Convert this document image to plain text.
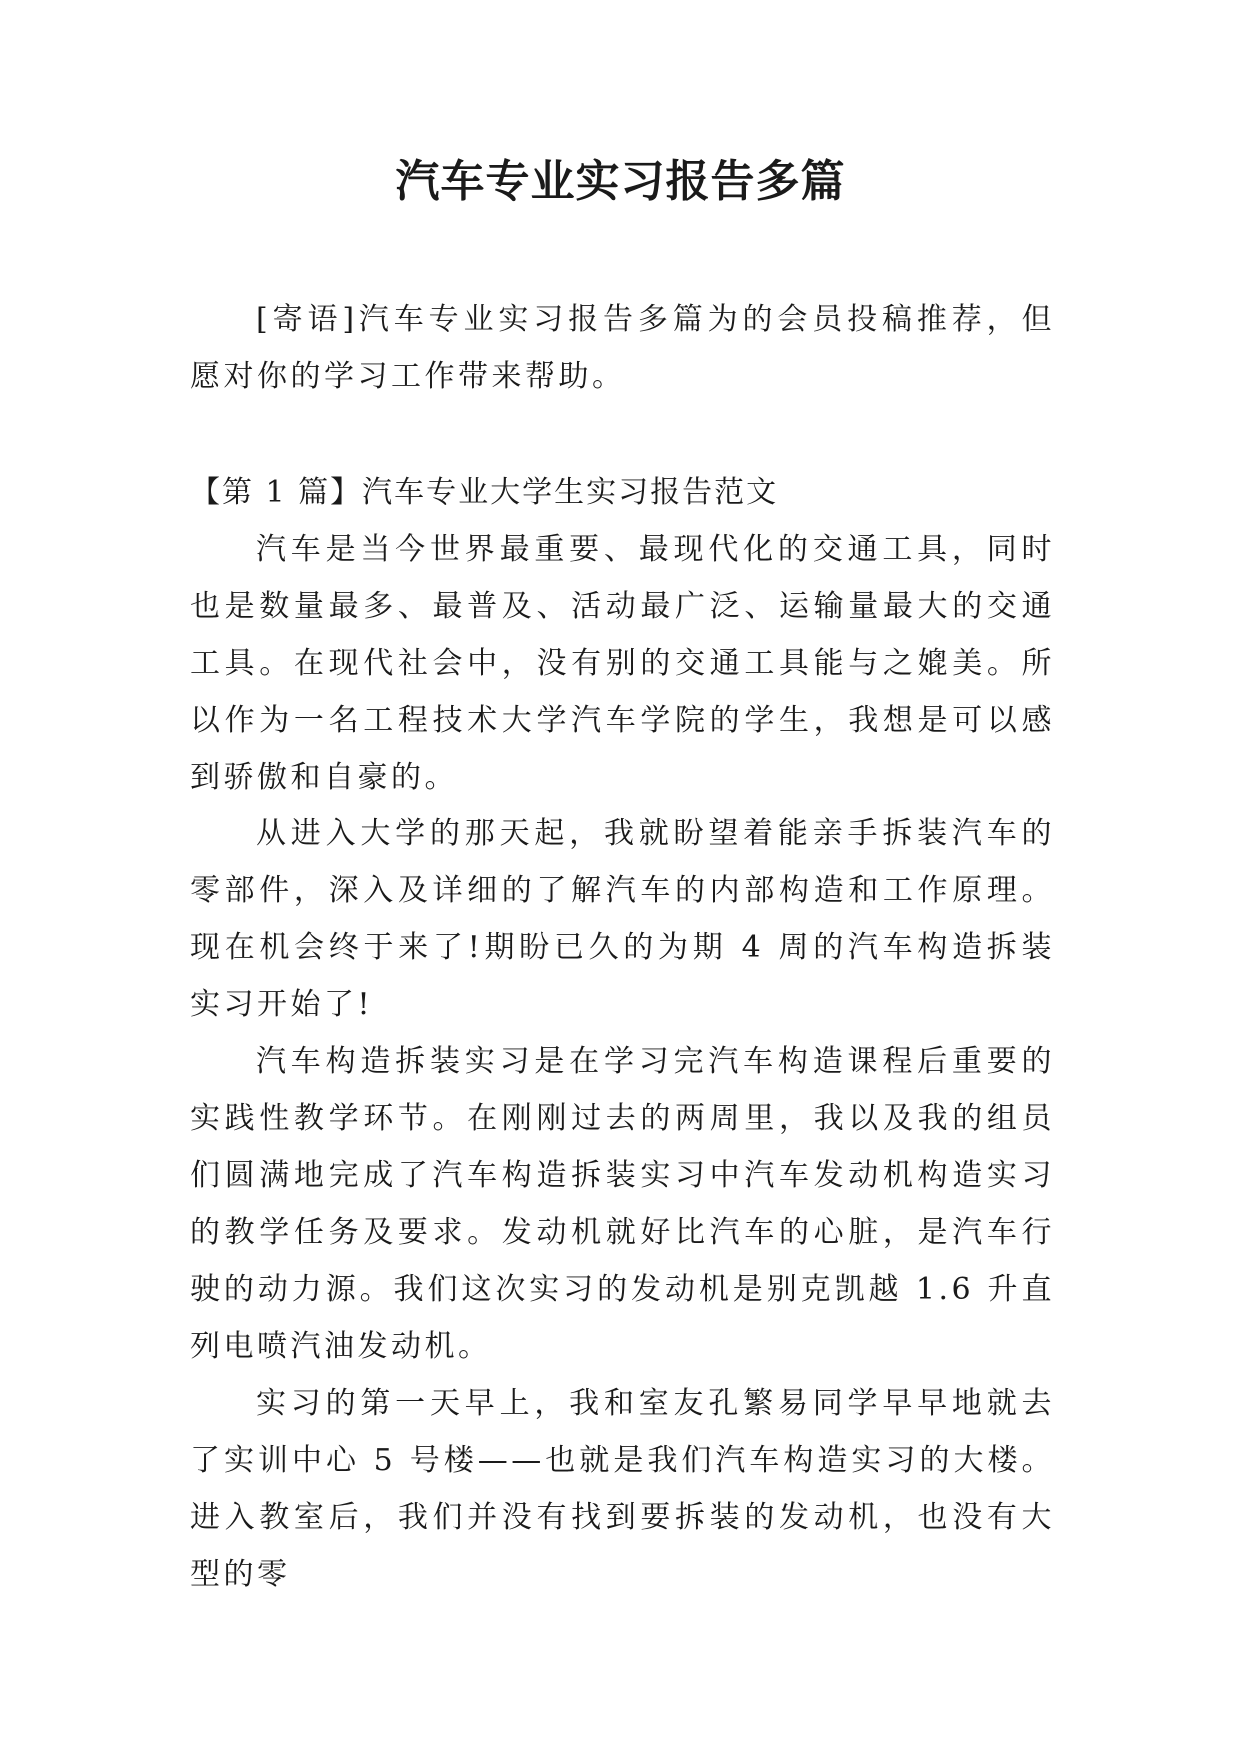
汽车专业实习报告多篇

[寄语]汽车专业实习报告多篇为的会员投稿推荐，但愿对你的学习工作带来帮助。

【第 1 篇】汽车专业大学生实习报告范文

汽车是当今世界最重要、最现代化的交通工具，同时也是数量最多、最普及、活动最广泛、运输量最大的交通工具。在现代社会中，没有别的交通工具能与之媲美。所以作为一名工程技术大学汽车学院的学生，我想是可以感到骄傲和自豪的。

从进入大学的那天起，我就盼望着能亲手拆装汽车的零部件，深入及详细的了解汽车的内部构造和工作原理。现在机会终于来了!期盼已久的为期 4 周的汽车构造拆装实习开始了!

汽车构造拆装实习是在学习完汽车构造课程后重要的实践性教学环节。在刚刚过去的两周里，我以及我的组员们圆满地完成了汽车构造拆装实习中汽车发动机构造实习的教学任务及要求。发动机就好比汽车的心脏，是汽车行驶的动力源。我们这次实习的发动机是别克凯越 1.6 升直列电喷汽油发动机。

实习的第一天早上，我和室友孔繁易同学早早地就去了实训中心 5 号楼——也就是我们汽车构造实习的大楼。进入教室后，我们并没有找到要拆装的发动机，也没有大型的零
